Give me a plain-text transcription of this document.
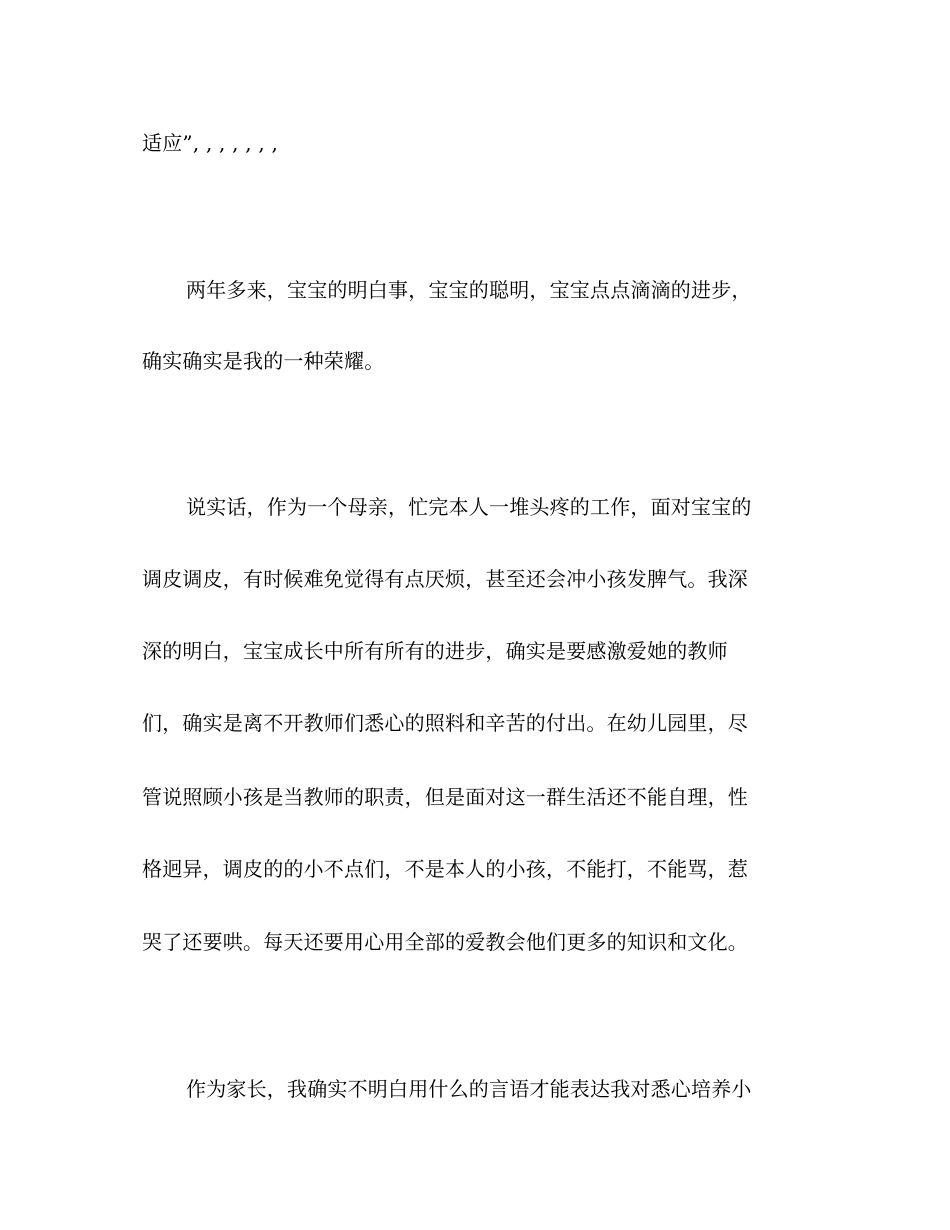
适应”, , , , , , ,
两年多来，宝宝的明白事，宝宝的聪明，宝宝点点滴滴的进步，
确实确实是我的一种荣耀。
说实话，作为一个母亲，忙完本人一堆头疼的工作，面对宝宝的
调皮调皮，有时候难免觉得有点厌烦，甚至还会冲小孩发脾气。我深
深的明白，宝宝成长中所有所有的进步，确实是要感激爱她的教师
们，确实是离不开教师们悉心的照料和辛苦的付出。在幼儿园里，尽
管说照顾小孩是当教师的职责，但是面对这一群生活还不能自理，性
格迥异，调皮的的小不点们，不是本人的小孩，不能打，不能骂，惹
哭了还要哄。每天还要用心用全部的爱教会他们更多的知识和文化。
作为家长，我确实不明白用什么的言语才能表达我对悉心培养小
